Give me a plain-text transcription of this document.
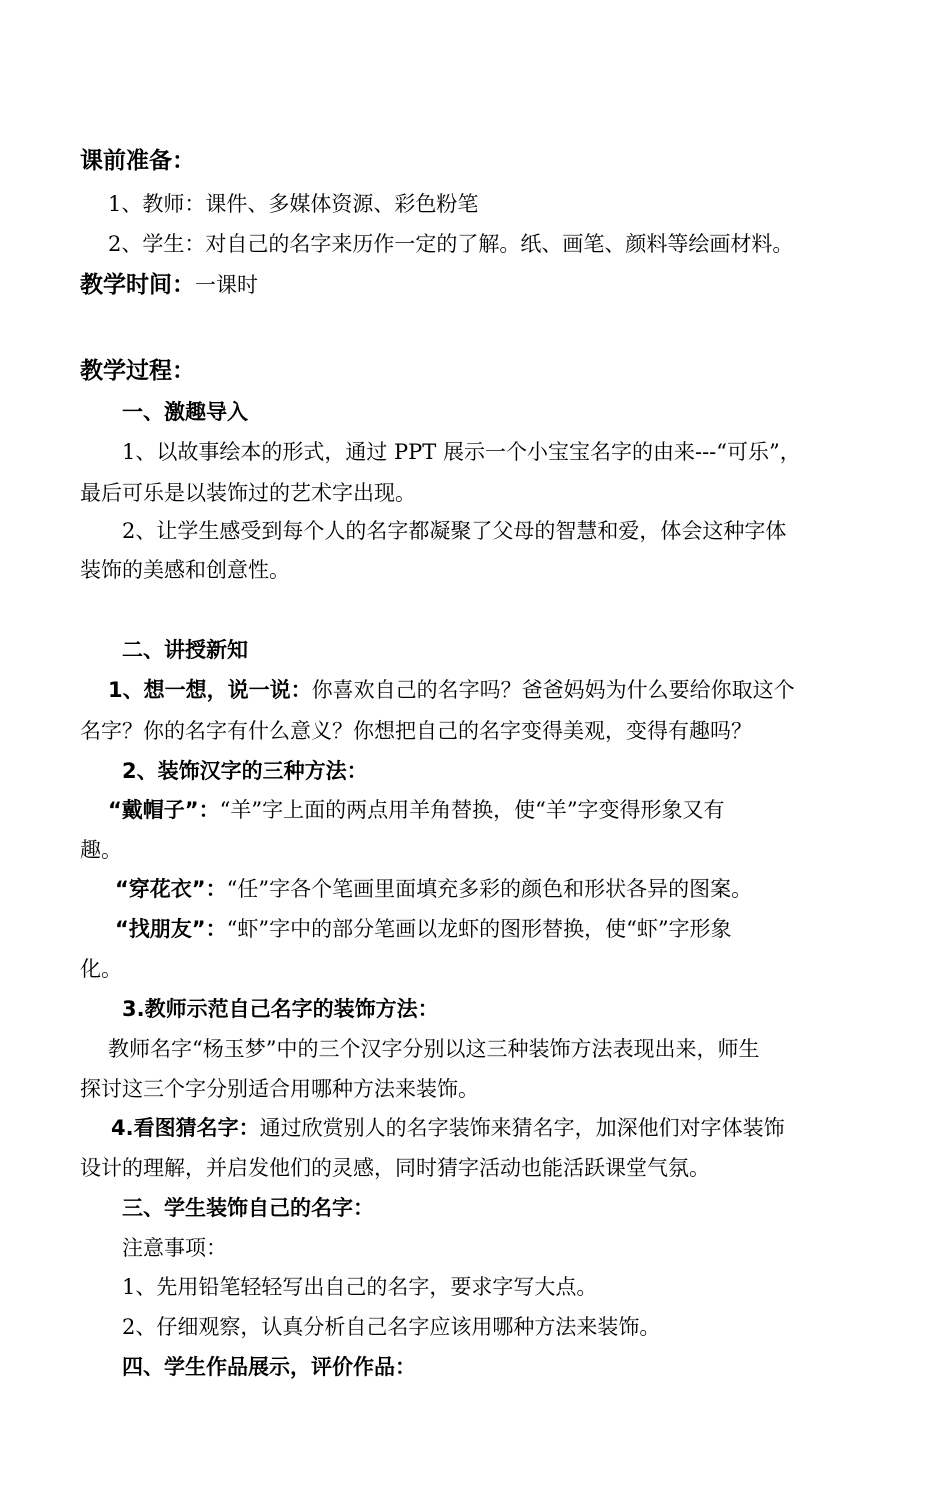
课前准备：
1、教师：课件、多媒体资源、彩色粉笔
2、学生：对自己的名字来历作一定的了解。纸、画笔、颜料等绘画材料。
教学时间：一课时
教学过程：
一、激趣导入
1、以故事绘本的形式，通过 PPT 展示一个小宝宝名字的由来---“可乐”，
最后可乐是以装饰过的艺术字出现。
2、让学生感受到每个人的名字都凝聚了父母的智慧和爱，体会这种字体
装饰的美感和创意性。
二、讲授新知
1、想一想，说一说：你喜欢自己的名字吗？爸爸妈妈为什么要给你取这个
名字？你的名字有什么意义？你想把自己的名字变得美观，变得有趣吗？
2、装饰汉字的三种方法：
“戴帽子”：“羊”字上面的两点用羊角替换，使“羊”字变得形象又有
趣。
“穿花衣”：“任”字各个笔画里面填充多彩的颜色和形状各异的图案。
“找朋友”：“虾”字中的部分笔画以龙虾的图形替换，使“虾”字形象
化。
3.教师示范自己名字的装饰方法：
教师名字“杨玉梦”中的三个汉字分别以这三种装饰方法表现出来，师生
探讨这三个字分别适合用哪种方法来装饰。
4.看图猜名字：通过欣赏别人的名字装饰来猜名字，加深他们对字体装饰
设计的理解，并启发他们的灵感，同时猜字活动也能活跃课堂气氛。
三、学生装饰自己的名字：
注意事项：
1、先用铅笔轻轻写出自己的名字，要求字写大点。
2、仔细观察，认真分析自己名字应该用哪种方法来装饰。
四、学生作品展示，评价作品：
